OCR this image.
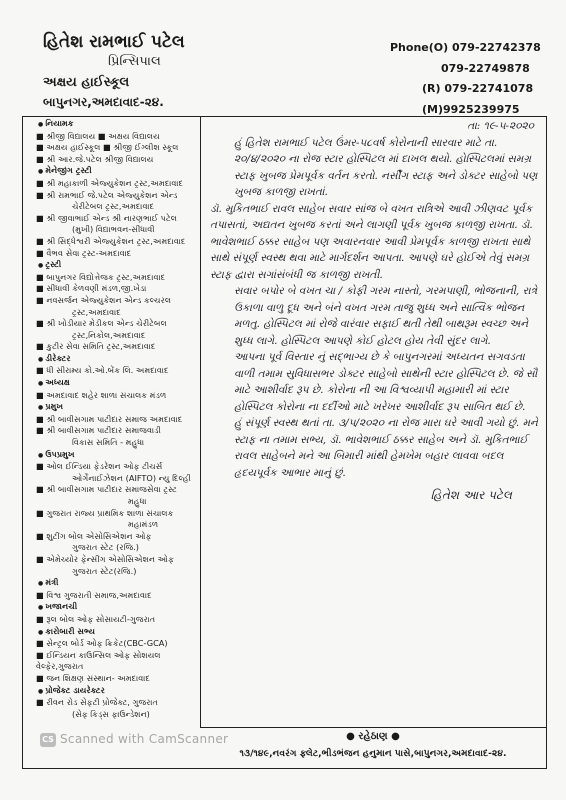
હિતેશ રામભાઈ પટેલ
પ્રિન્સિપાલ
અક્ષય હાઈસ્કૂલ
બાપુનગર,અમદાવાદ-૨૪.
Phone(O) 079-22742378
079-22749878
(R) 079-22741078
(M)9925239975
● નિયામક
■ શ્રીજી વિદ્યાલય ■ અક્ષય વિદ્યાલય
■ અક્ષય હાઈસ્કૂલ ■ શ્રીજી ઈંગ્લીશ સ્કૂલ
■ શ્રી આર.જે.પટેલ શ્રીજી વિદ્યાલય
● મેનેજીંગ ટ્રસ્ટી
■ શ્રી મહાકાળી એજ્યુકેશન ટ્રસ્ટ,અમદાવાદ
■ શ્રી રામભાઈ જે.પટેલ એજ્યુકેશન એન્ડ
ચેરીટેબલ ટ્રસ્ટ,અમદાવાદ
■ શ્રી જીવાભાઈ એન્ડ શ્રી નારણભાઈ પટેલ
(મુખી) વિદ્યાભવન-સીંધાવી
■ શ્રી સિદ્ધેશ્વરી એજ્યુકેશન ટ્રસ્ટ,અમદાવાદ
■ વૈભવ સેવા ટ્રસ્ટ-અમદાવાદ
● ટ્રસ્ટી
■ બાપુનગર વિદ્યોત્તેજક ટ્રસ્ટ,અમદાવાદ
■ સીંધાવી કેળવણી મંડળ,જી.ખેડા
■ નવસર્જન એજ્યુકેશન એન્ડ કલ્ચરલ
ટ્રસ્ટ,અમદાવાદ
■ શ્રી ખોડીયાર મેડીકલ એન્ડ ચેરીટેબલ
ટ્રસ્ટ,નિકોલ,અમદાવાદ
■ કુટીર સેવા સમિતિ ટ્રસ્ટ,અમદાવાદ
● ડીરેક્ટર
■ ધી સીરામ્ય કો.ઓ.બેંક લિ. અમદાવાદ
● અધ્યક્ષ
■ અમદાવાદ શહેર શાળા સંચાલક મંડળ
● પ્રમુખ
■ શ્રી બાવીસગામ પાટીદાર સમાજ અમદાવાદ
■ શ્રી બાવીસગામ પાટીદાર સમાજવાડી
વિકાસ સમિતિ - મહુધા
● ઉપપ્રમુખ
■ ઓલ ઈન્ડિયા ફેડરેશન ઓફ ટીચર્સ
ઓર્ગેનાઈઝેશન (AIFTO) ન્યુ દિલ્હી
■ શ્રી બાવીસગામ પાટીદાર સમાજસેવા ટ્રસ્ટ
મહુધા
■ ગુજરાત રાજ્ય પ્રાથમિક શાળા સંચાલક
મહામંડળ
■ શુટીંગ બોલ એસોસિએશન ઓફ
ગુજરાત સ્ટેટ (રજિ.)
■ એમેચ્યોર ફેન્સીંગ એસોસિએશન ઓફ
ગુજરાત સ્ટેટ(રજિ.)
● મંત્રી
■ વિશ્વ ગુજરાતી સમાજ,અમદાવાદ
● ખજાનચી
■ રૂલ બોલ ઓફ સોસાયટી-ગુજરાત
● કારોબારી સભ્ય
■ સેન્ટ્રલ બોર્ડ ઓફ ક્રિકેટ(CBC-GCA)
■ ઈન્ડિયન કાઉન્સિલ ઓફ સોશયલ વેલ્ફેર,ગુજરાત
■ જન શિક્ષણ સંસ્થાન- અમદાવાદ
● પ્રોજેક્ટ ડાયરેક્ટર
■ રીવન રોડ સેફટી પ્રોજેક્ટ, ગુજરાત
(સેફ કિડ્સ ફાઉન્ડેશન)
તા: ૧૯-૫-૨૦૨૦

હું હિતેશ રામભાઈ પટેલ ઉંમર-૫૮વર્ષ કોરોનાની સારવાર માટે તા. ૨૦/૪/૨૦૨૦ ના રોજ સ્ટાર હોસ્પિટલ માં દાખલ થયો. હોસ્પિટલમાં સમગ્ર સ્ટાફ ખુબજ પ્રેમપૂર્વક વર્તન કરતો. નર્સીંગ સ્ટાફ અને ડોક્ટર સાહેબો પણ ખુબજ કાળજી રાખતાં.

ડૉ. મુકિતભાઈ રાવલ સાહેબ સવાર સાંજ બે વખત રાત્રિએ આવી ઝીણવટ પૂર્વક તપાસતાં, અદ્યતન ખુબજ કરતાં અને લાગણી પૂર્વક ખુબજ કાળજી રાખતા. ડૉ. ભાવેશભાઈ ઠક્કર સાહેબ પણ અવારનવાર આવી પ્રેમપૂર્વક કાળજી રાખતા સાથે સાથે સંપૂર્ણ સ્વસ્થ થવા માટે માર્ગદર્શન આપતા. આપણે ઘરે હોઈએ તેવું સમગ્ર સ્ટાફ દ્વારા સગાંસંબંધી જ કાળજી રાખતી.

સવાર બપોર બે વખત ચા / કોફી ગરમ નાસ્તો, ગરમપાણી, ભોજનાની, રાત્રે ઉકાળા વાળુ દૂધ અને બંને વખત ગરમ તાજુ શુધ્ધ અને સાત્વિક ભોજન મળતુ. હોસ્પિટલ માં રોજે વારંવાર સફાઈ થતી તેથી બાથરૂમ સ્વચ્છ અને શુધ્ધ લાગે. હોસ્પિટલ આપણે કોઈ હોટલ હોય તેવી સુંદર લાગે.

આપના પૂર્વ વિસ્તાર નું સદ્ભાગ્ય છે કે બાપુનગરમાં અધ્યતન સગવડતા વાળી તમામ સુવિધાસભર ડોક્ટર સાહેબો સાથેની સ્ટાર હોસ્પિટલ છે. જે સૌ માટે આશીર્વાદ રૂપ છે. કોરોના ની આ વિશ્વવ્યાપી મહામારી માં સ્ટાર હોસ્પિટલ કોરોના ના દર્દીઓ માટે ખરેખર આશીર્વાદ રૂપ સાબિત થઈ છે.

હું સંપૂર્ણ સ્વસ્થ થતાં તા. ૩/૫/૨૦૨૦ ના રોજ મારા ઘરે આવી ગયો છું. મને સ્ટાફ ના તમામ સભ્ય, ડૉ. ભાવેશભાઈ ઠક્કર સાહેબ અને ડૉ. મુકિતભાઈ રાવલ સાહેબને મને આ બિમારી માંથી હેમખેમ બહાર લાવવા બદલ હૃદયપૂર્વક આભાર માનું છું.

હિતેશ આર પટેલ
● રહેઠાણ ●
૧૩/૧૪૯,નવરંગ ફ્લેટ,ભીડભંજન હનુમાન પાસે,બાપુનગર,અમદાવાદ-૨૪.
CS Scanned with CamScanner
